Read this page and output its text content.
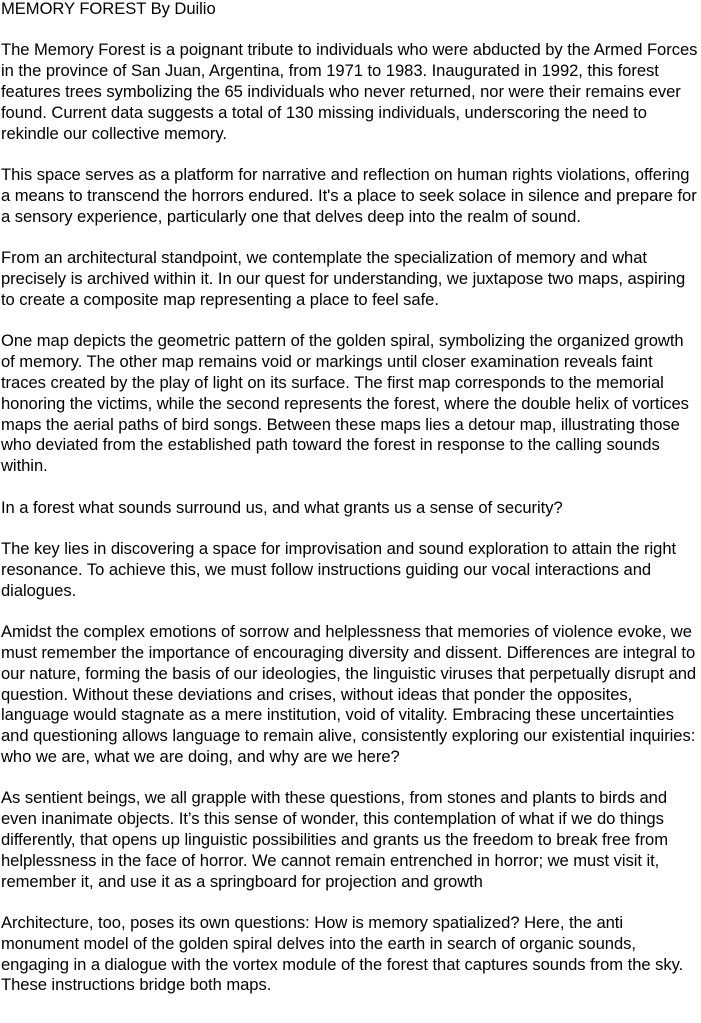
MEMORY FOREST By Duilio
The Memory Forest is a poignant tribute to individuals who were abducted by the Armed Forces in the province of San Juan, Argentina, from 1971 to 1983. Inaugurated in 1992, this forest features trees symbolizing the 65 individuals who never returned, nor were their remains ever found. Current data suggests a total of 130 missing individuals, underscoring the need to rekindle our collective memory.
This space serves as a platform for narrative and reflection on human rights violations, offering a means to transcend the horrors endured. It's a place to seek solace in silence and prepare for a sensory experience, particularly one that delves deep into the realm of sound.
From an architectural standpoint, we contemplate the specialization of memory and what precisely is archived within it. In our quest for understanding, we juxtapose two maps, aspiring to create a composite map representing a place to feel safe.
One map depicts the geometric pattern of the golden spiral, symbolizing the organized growth of memory. The other map remains void or markings until closer examination reveals faint traces created by the play of light on its surface. The first map corresponds to the memorial honoring the victims, while the second represents the forest, where the double helix of vortices maps the aerial paths of bird songs. Between these maps lies a detour map, illustrating those who deviated from the established path toward the forest in response to the calling sounds within.
In a forest what sounds surround us, and what grants us a sense of security?
The key lies in discovering a space for improvisation and sound exploration to attain the right resonance. To achieve this, we must follow instructions guiding our vocal interactions and dialogues.
Amidst the complex emotions of sorrow and helplessness that memories of violence evoke, we must remember the importance of encouraging diversity and dissent. Differences are integral to our nature, forming the basis of our ideologies, the linguistic viruses that perpetually disrupt and question. Without these deviations and crises, without ideas that ponder the opposites, language would stagnate as a mere institution, void of vitality. Embracing these uncertainties and questioning allows language to remain alive, consistently exploring our existential inquiries: who we are, what we are doing, and why are we here?
As sentient beings, we all grapple with these questions, from stones and plants to birds and even inanimate objects. It’s this sense of wonder, this contemplation of what if we do things differently, that opens up linguistic possibilities and grants us the freedom to break free from helplessness in the face of horror. We cannot remain entrenched in horror; we must visit it, remember it, and use it as a springboard for projection and growth
Architecture, too, poses its own questions: How is memory spatialized? Here, the anti monument model of the golden spiral delves into the earth in search of organic sounds, engaging in a dialogue with the vortex module of the forest that captures sounds from the sky. These instructions bridge both maps.
